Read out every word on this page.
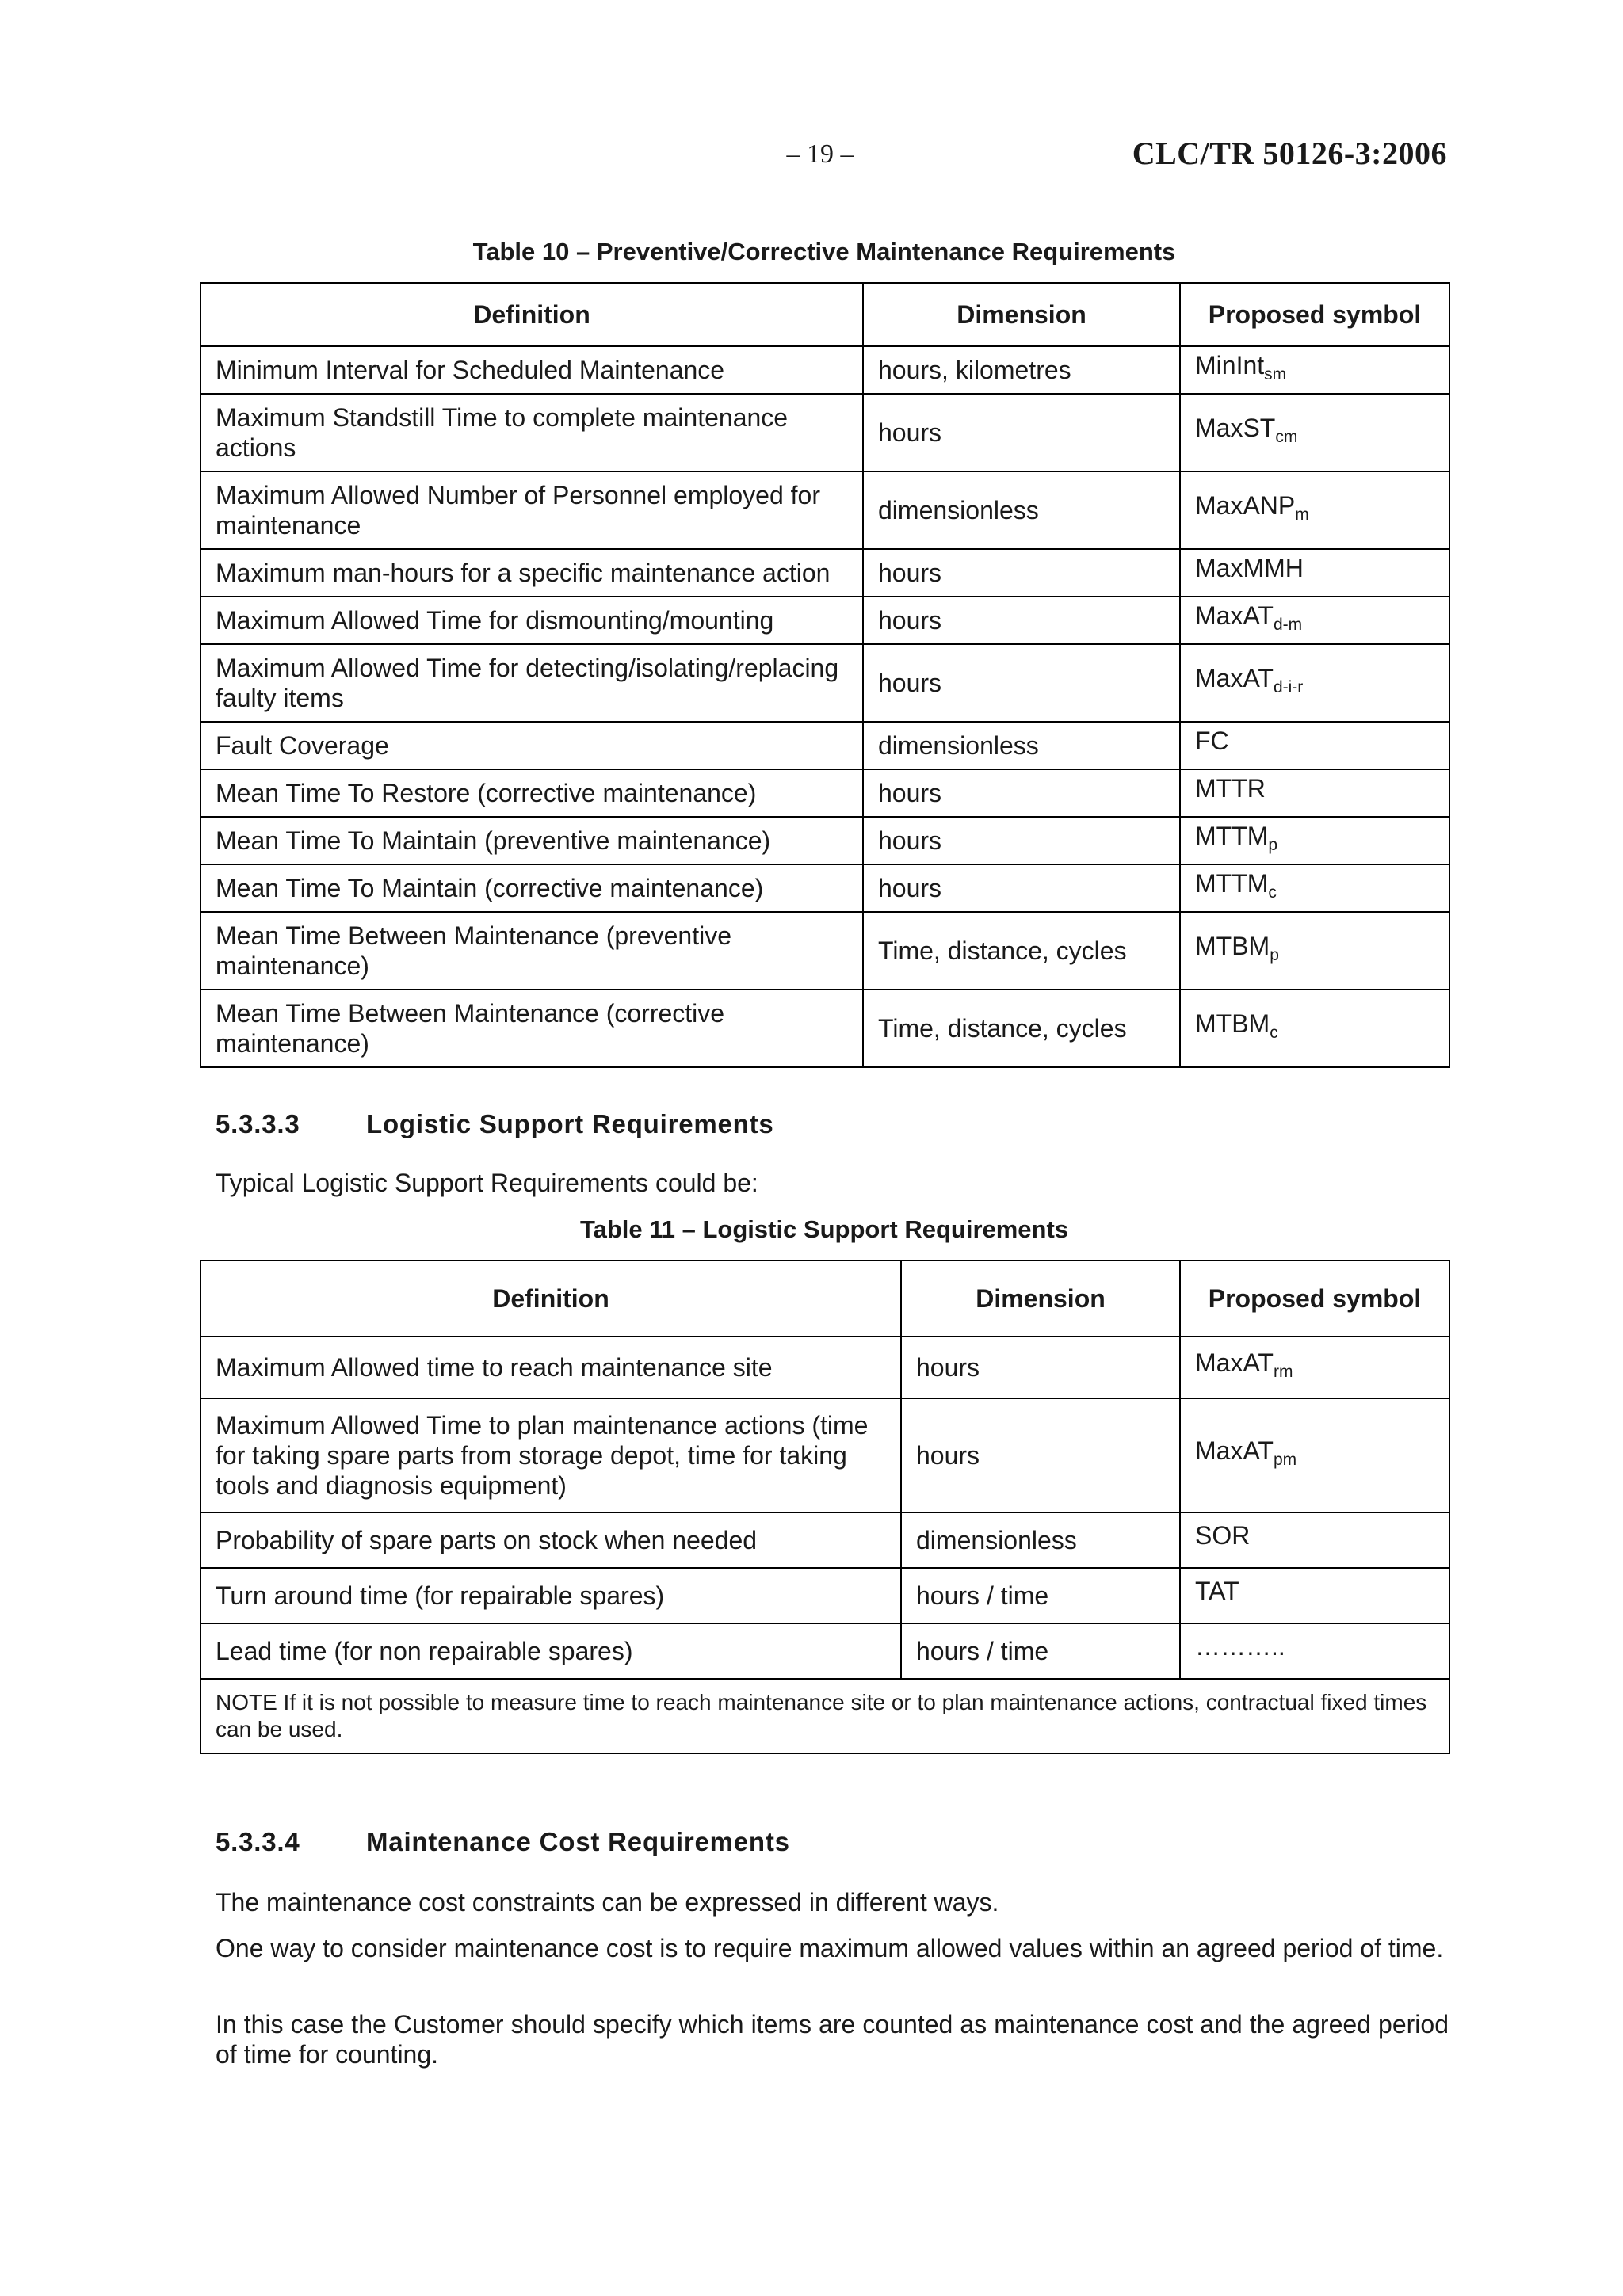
– 19 –	CLC/TR 50126-3:2006
Table 10 – Preventive/Corrective Maintenance Requirements
Definition	Dimension	Proposed symbol
Minimum Interval for Scheduled Maintenance	hours, kilometres	MinInt$_{sm}$
Maximum Standstill Time to complete maintenance actions	hours	MaxST$_{cm}$
Maximum Allowed Number of Personnel employed for maintenance	dimensionless	MaxANP$_m$
Maximum man-hours for a specific maintenance action	hours	MaxMMH
Maximum Allowed Time for dismounting/mounting	hours	MaxAT$_{d-m}$
Maximum Allowed Time for detecting/isolating/replacing faulty items	hours	MaxAT$_{d-i-r}$
Fault Coverage	dimensionless	FC
Mean Time To Restore (corrective maintenance)	hours	MTTR
Mean Time To Maintain (preventive maintenance)	hours	$MTTM_p$
Mean Time To Maintain (corrective maintenance)	hours	$MTTM_c$
Mean Time Between Maintenance (preventive maintenance)	Time, distance, cycles	$MTBM_p$
Mean Time Between Maintenance (corrective maintenance)	Time, distance, cycles	$MTBM_c$
5.3.3.3	Logistic Support Requirements
Typical Logistic Support Requirements could be:
Table 11 – Logistic Support Requirements
Definition	Dimension	Proposed symbol
Maximum Allowed time to reach maintenance site	hours	MaxAT$_{rm}$
Maximum Allowed Time to plan maintenance actions (time for taking spare parts from storage depot, time for taking tools and diagnosis equipment)	hours	MaxAT$_{pm}$
Probability of spare parts on stock when needed	dimensionless	SOR
Turn around time (for repairable spares)	hours / time	TAT
Lead time (for non repairable spares)	hours / time	………..
NOTE If it is not possible to measure time to reach maintenance site or to plan maintenance actions, contractual fixed times can be used.		
5.3.3.4	Maintenance Cost Requirements
The maintenance cost constraints can be expressed in different ways.
One way to consider maintenance cost is to require maximum allowed values within an agreed period of time.
In this case the Customer should specify which items are counted as maintenance cost and the agreed period of time for counting.
